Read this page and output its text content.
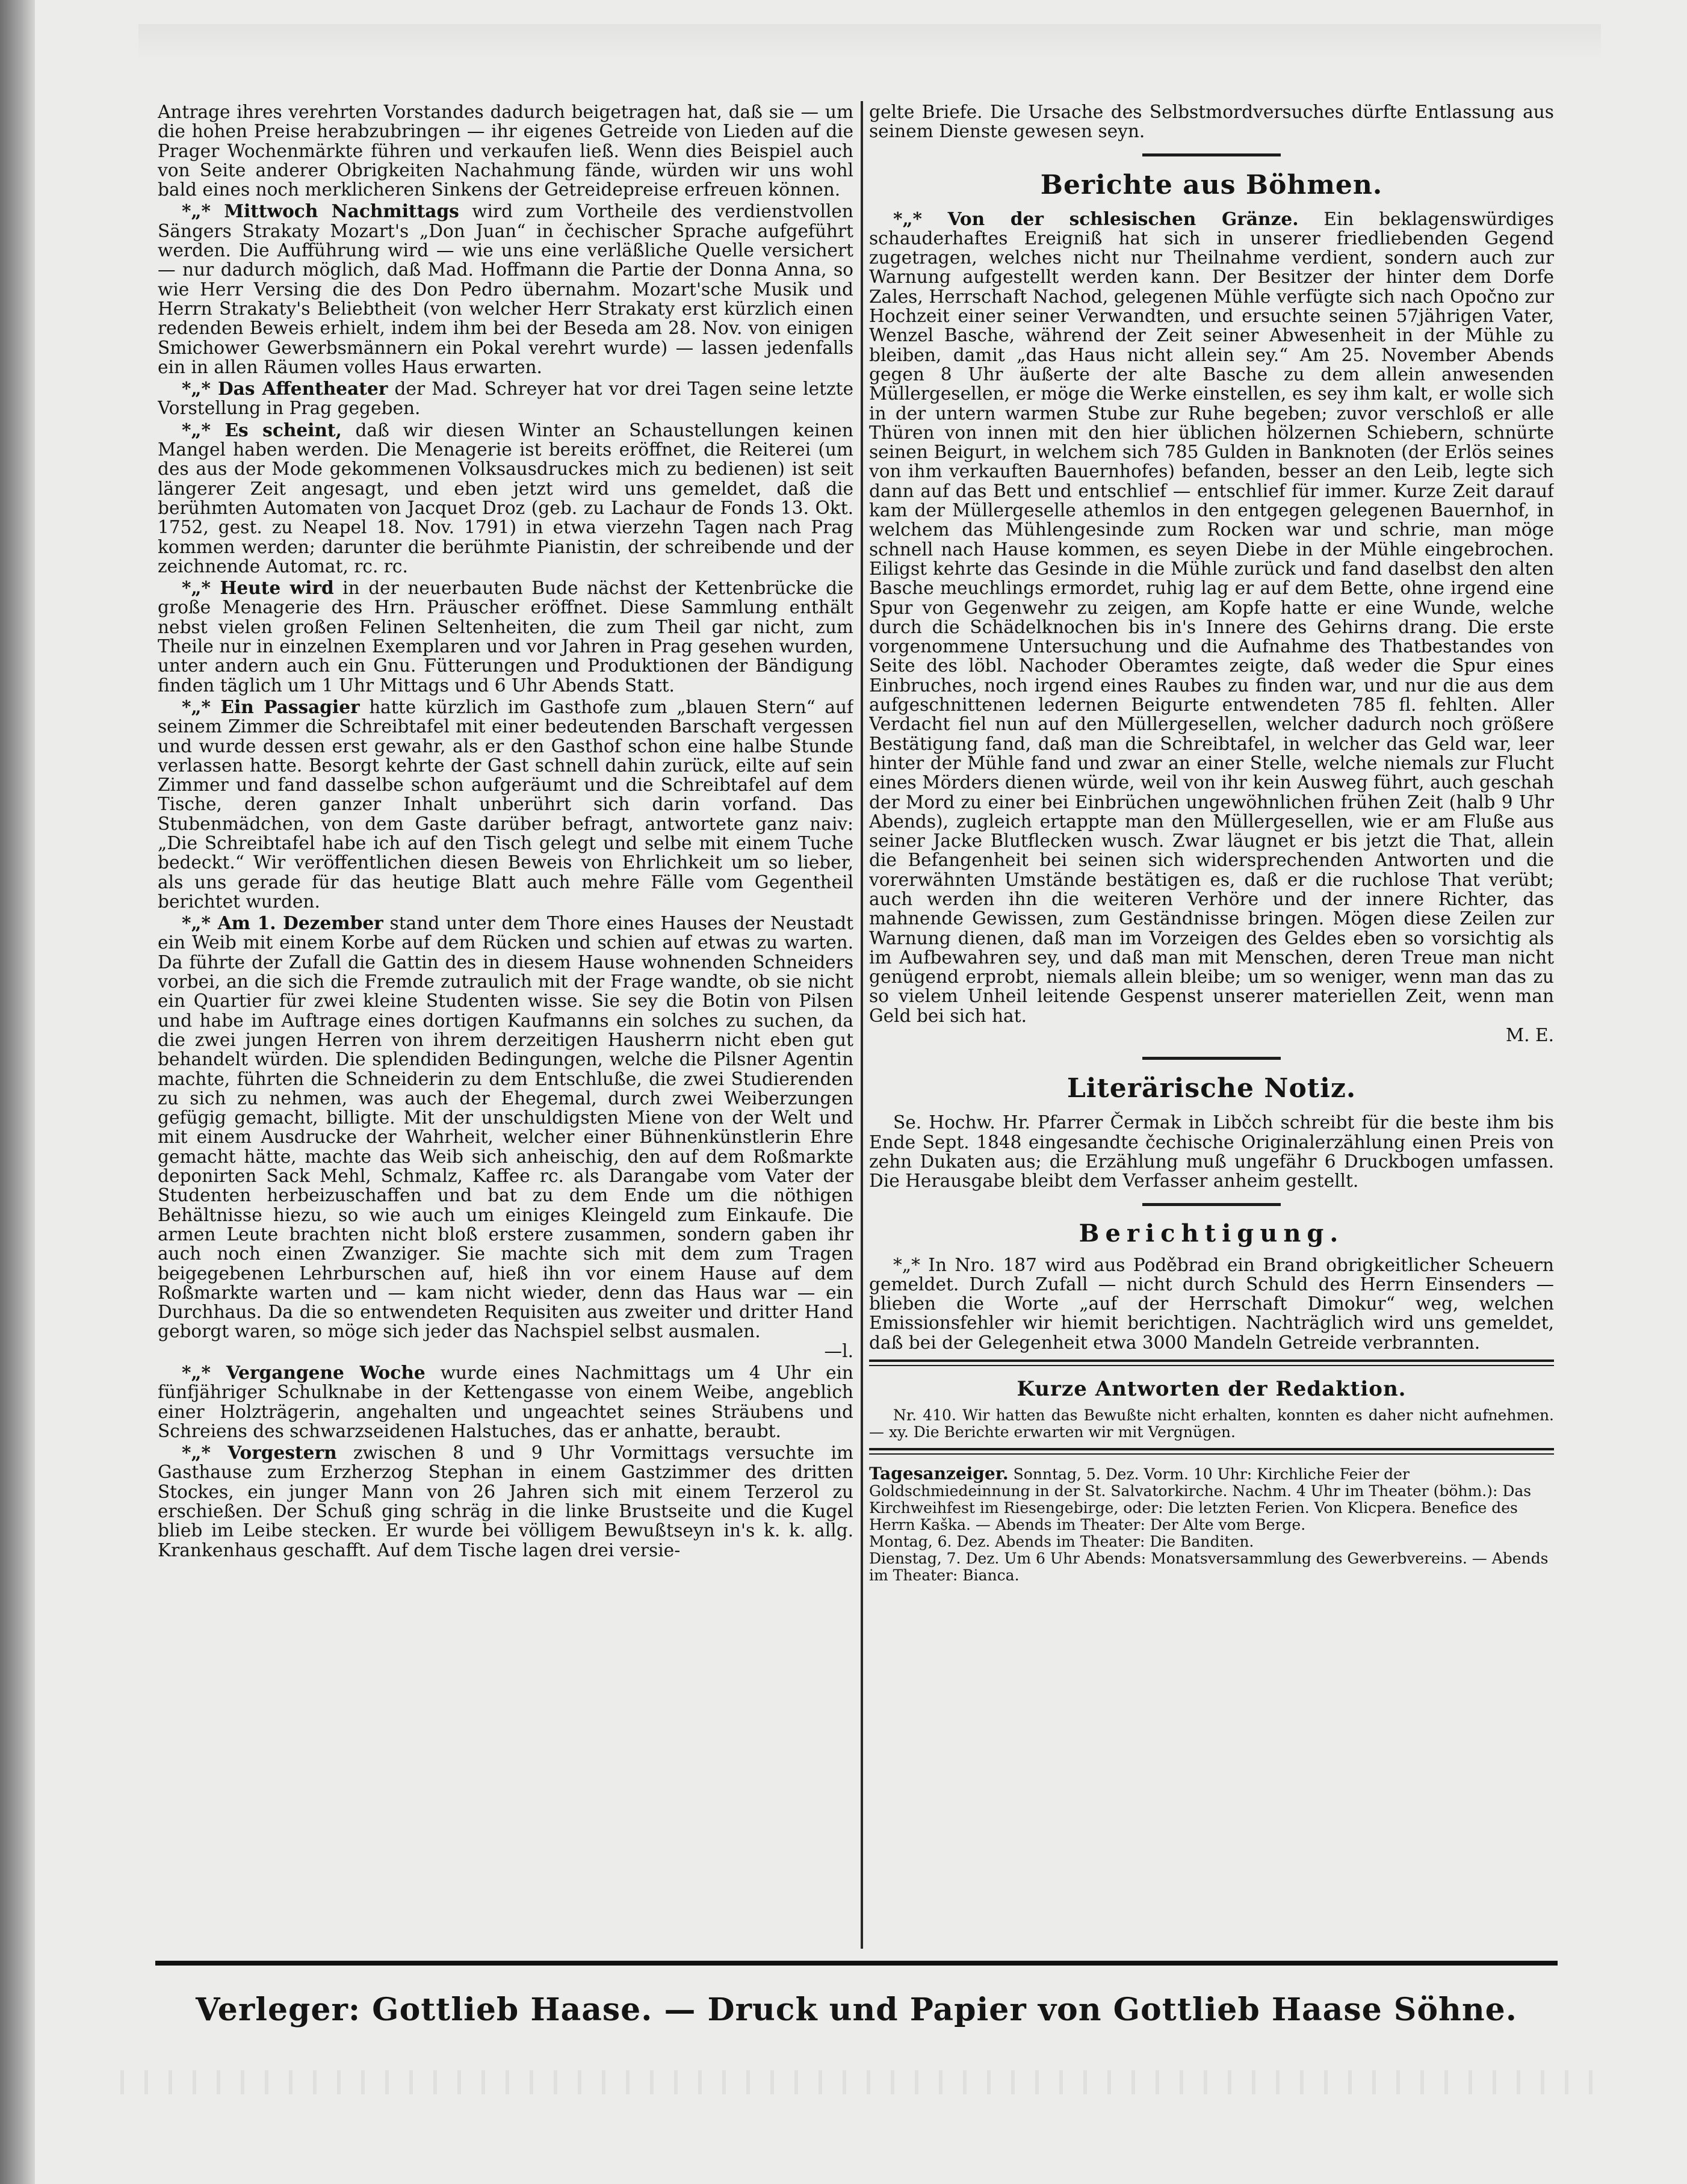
Antrage ihres verehrten Vorstandes dadurch beigetragen hat, daß sie — um die hohen Preise herabzubringen — ihr eigenes Getreide von Lieden auf die Prager Wochenmärkte führen und verkaufen ließ. Wenn dies Beispiel auch von Seite anderer Obrigkeiten Nachahmung fände, würden wir uns wohl bald eines noch merklicheren Sinkens der Getreidepreise erfreuen können.

*„* Mittwoch Nachmittags wird zum Vortheile des verdienstvollen Sängers Strakaty Mozart's „Don Juan“ in čechischer Sprache aufgeführt werden. Die Aufführung wird — wie uns eine verläßliche Quelle versichert — nur dadurch möglich, daß Mad. Hoffmann die Partie der Donna Anna, so wie Herr Versing die des Don Pedro übernahm. Mozart'sche Musik und Herrn Strakaty's Beliebtheit (von welcher Herr Strakaty erst kürzlich einen redenden Beweis erhielt, indem ihm bei der Beseda am 28. Nov. von einigen Smichower Gewerbsmännern ein Pokal verehrt wurde) — lassen jedenfalls ein in allen Räumen volles Haus erwarten.

*„* Das Affentheater der Mad. Schreyer hat vor drei Tagen seine letzte Vorstellung in Prag gegeben.

*„* Es scheint, daß wir diesen Winter an Schaustellungen keinen Mangel haben werden. Die Menagerie ist bereits eröffnet, die Reiterei (um des aus der Mode gekommenen Volksausdruckes mich zu bedienen) ist seit längerer Zeit angesagt, und eben jetzt wird uns gemeldet, daß die berühmten Automaten von Jacquet Droz (geb. zu Lachaur de Fonds 13. Okt. 1752, gest. zu Neapel 18. Nov. 1791) in etwa vierzehn Tagen nach Prag kommen werden; darunter die berühmte Pianistin, der schreibende und der zeichnende Automat, rc. rc.

*„* Heute wird in der neuerbauten Bude nächst der Kettenbrücke die große Menagerie des Hrn. Präuscher eröffnet. Diese Sammlung enthält nebst vielen großen Felinen Seltenheiten, die zum Theil gar nicht, zum Theile nur in einzelnen Exemplaren und vor Jahren in Prag gesehen wurden, unter andern auch ein Gnu. Fütterungen und Produktionen der Bändigung finden täglich um 1 Uhr Mittags und 6 Uhr Abends Statt.

*„* Ein Passagier hatte kürzlich im Gasthofe zum „blauen Stern“ auf seinem Zimmer die Schreibtafel mit einer bedeutenden Barschaft vergessen und wurde dessen erst gewahr, als er den Gasthof schon eine halbe Stunde verlassen hatte. Besorgt kehrte der Gast schnell dahin zurück, eilte auf sein Zimmer und fand dasselbe schon aufgeräumt und die Schreibtafel auf dem Tische, deren ganzer Inhalt unberührt sich darin vorfand. Das Stubenmädchen, von dem Gaste darüber befragt, antwortete ganz naiv: „Die Schreibtafel habe ich auf den Tisch gelegt und selbe mit einem Tuche bedeckt.“ Wir veröffentlichen diesen Beweis von Ehrlichkeit um so lieber, als uns gerade für das heutige Blatt auch mehre Fälle vom Gegentheil berichtet wurden.

*„* Am 1. Dezember stand unter dem Thore eines Hauses der Neustadt ein Weib mit einem Korbe auf dem Rücken und schien auf etwas zu warten. Da führte der Zufall die Gattin des in diesem Hause wohnenden Schneiders vorbei, an die sich die Fremde zutraulich mit der Frage wandte, ob sie nicht ein Quartier für zwei kleine Studenten wisse. Sie sey die Botin von Pilsen und habe im Auftrage eines dortigen Kaufmanns ein solches zu suchen, da die zwei jungen Herren von ihrem derzeitigen Hausherrn nicht eben gut behandelt würden. Die splendiden Bedingungen, welche die Pilsner Agentin machte, führten die Schneiderin zu dem Entschluße, die zwei Studierenden zu sich zu nehmen, was auch der Ehegemal, durch zwei Weiberzungen gefügig gemacht, billigte. Mit der unschuldigsten Miene von der Welt und mit einem Ausdrucke der Wahrheit, welcher einer Bühnenkünstlerin Ehre gemacht hätte, machte das Weib sich anheischig, den auf dem Roßmarkte deponirten Sack Mehl, Schmalz, Kaffee rc. als Darangabe vom Vater der Studenten herbeizuschaffen und bat zu dem Ende um die nöthigen Behältnisse hiezu, so wie auch um einiges Kleingeld zum Einkaufe. Die armen Leute brachten nicht bloß erstere zusammen, sondern gaben ihr auch noch einen Zwanziger. Sie machte sich mit dem zum Tragen beigegebenen Lehrburschen auf, hieß ihn vor einem Hause auf dem Roßmarkte warten und — kam nicht wieder, denn das Haus war — ein Durchhaus. Da die so entwendeten Requisiten aus zweiter und dritter Hand geborgt waren, so möge sich jeder das Nachspiel selbst ausmalen.

—l.

*„* Vergangene Woche wurde eines Nachmittags um 4 Uhr ein fünfjähriger Schulknabe in der Kettengasse von einem Weibe, angeblich einer Holzträgerin, angehalten und ungeachtet seines Sträubens und Schreiens des schwarzseidenen Halstuches, das er anhatte, beraubt.

*„* Vorgestern zwischen 8 und 9 Uhr Vormittags versuchte im Gasthause zum Erzherzog Stephan in einem Gastzimmer des dritten Stockes, ein junger Mann von 26 Jahren sich mit einem Terzerol zu erschießen. Der Schuß ging schräg in die linke Brustseite und die Kugel blieb im Leibe stecken. Er wurde bei völligem Bewußtseyn in's k. k. allg. Krankenhaus geschafft. Auf dem Tische lagen drei versie-

gelte Briefe. Die Ursache des Selbstmordversuches dürfte Entlassung aus seinem Dienste gewesen seyn.

Berichte aus Böhmen.

*„* Von der schlesischen Gränze. Ein beklagenswürdiges schauderhaftes Ereigniß hat sich in unserer friedliebenden Gegend zugetragen, welches nicht nur Theilnahme verdient, sondern auch zur Warnung aufgestellt werden kann. Der Besitzer der hinter dem Dorfe Zales, Herrschaft Nachod, gelegenen Mühle verfügte sich nach Opočno zur Hochzeit einer seiner Verwandten, und ersuchte seinen 57jährigen Vater, Wenzel Basche, während der Zeit seiner Abwesenheit in der Mühle zu bleiben, damit „das Haus nicht allein sey.“ Am 25. November Abends gegen 8 Uhr äußerte der alte Basche zu dem allein anwesenden Müllergesellen, er möge die Werke einstellen, es sey ihm kalt, er wolle sich in der untern warmen Stube zur Ruhe begeben; zuvor verschloß er alle Thüren von innen mit den hier üblichen hölzernen Schiebern, schnürte seinen Beigurt, in welchem sich 785 Gulden in Banknoten (der Erlös seines von ihm verkauften Bauernhofes) befanden, besser an den Leib, legte sich dann auf das Bett und entschlief — entschlief für immer. Kurze Zeit darauf kam der Müllergeselle athemlos in den entgegen gelegenen Bauernhof, in welchem das Mühlengesinde zum Rocken war und schrie, man möge schnell nach Hause kommen, es seyen Diebe in der Mühle eingebrochen. Eiligst kehrte das Gesinde in die Mühle zurück und fand daselbst den alten Basche meuchlings ermordet, ruhig lag er auf dem Bette, ohne irgend eine Spur von Gegenwehr zu zeigen, am Kopfe hatte er eine Wunde, welche durch die Schädelknochen bis in's Innere des Gehirns drang. Die erste vorgenommene Untersuchung und die Aufnahme des Thatbestandes von Seite des löbl. Nachoder Oberamtes zeigte, daß weder die Spur eines Einbruches, noch irgend eines Raubes zu finden war, und nur die aus dem aufgeschnittenen ledernen Beigurte entwendeten 785 fl. fehlten. Aller Verdacht fiel nun auf den Müllergesellen, welcher dadurch noch größere Bestätigung fand, daß man die Schreibtafel, in welcher das Geld war, leer hinter der Mühle fand und zwar an einer Stelle, welche niemals zur Flucht eines Mörders dienen würde, weil von ihr kein Ausweg führt, auch geschah der Mord zu einer bei Einbrüchen ungewöhnlichen frühen Zeit (halb 9 Uhr Abends), zugleich ertappte man den Müllergesellen, wie er am Fluße aus seiner Jacke Blutflecken wusch. Zwar läugnet er bis jetzt die That, allein die Befangenheit bei seinen sich widersprechenden Antworten und die vorerwähnten Umstände bestätigen es, daß er die ruchlose That verübt; auch werden ihn die weiteren Verhöre und der innere Richter, das mahnende Gewissen, zum Geständnisse bringen. Mögen diese Zeilen zur Warnung dienen, daß man im Vorzeigen des Geldes eben so vorsichtig als im Aufbewahren sey, und daß man mit Menschen, deren Treue man nicht genügend erprobt, niemals allein bleibe; um so weniger, wenn man das zu so vielem Unheil leitende Gespenst unserer materiellen Zeit, wenn man Geld bei sich hat.

M. E.

Literärische Notiz.

Se. Hochw. Hr. Pfarrer Čermak in Libčch schreibt für die beste ihm bis Ende Sept. 1848 eingesandte čechische Originalerzählung einen Preis von zehn Dukaten aus; die Erzählung muß ungefähr 6 Druckbogen umfassen. Die Herausgabe bleibt dem Verfasser anheim gestellt.

Berichtigung.

*„* In Nro. 187 wird aus Poděbrad ein Brand obrigkeitlicher Scheuern gemeldet. Durch Zufall — nicht durch Schuld des Herrn Einsenders — blieben die Worte „auf der Herrschaft Dimokur“ weg, welchen Emissionsfehler wir hiemit berichtigen. Nachträglich wird uns gemeldet, daß bei der Gelegenheit etwa 3000 Mandeln Getreide verbrannten.

Kurze Antworten der Redaktion.

Nr. 410. Wir hatten das Bewußte nicht erhalten, konnten es daher nicht aufnehmen. — xy. Die Berichte erwarten wir mit Vergnügen.

Tagesanzeiger. Sonntag, 5. Dez. Vorm. 10 Uhr: Kirchliche Feier der Goldschmiedeinnung in der St. Salvatorkirche. Nachm. 4 Uhr im Theater (böhm.): Das Kirchweihfest im Riesengebirge, oder: Die letzten Ferien. Von Klicpera. Benefice des Herrn Kaška. — Abends im Theater: Der Alte vom Berge.

Montag, 6. Dez. Abends im Theater: Die Banditen.

Dienstag, 7. Dez. Um 6 Uhr Abends: Monatsversammlung des Gewerbvereins. — Abends im Theater: Bianca.

Verleger: Gottlieb Haase. — Druck und Papier von Gottlieb Haase Söhne.
